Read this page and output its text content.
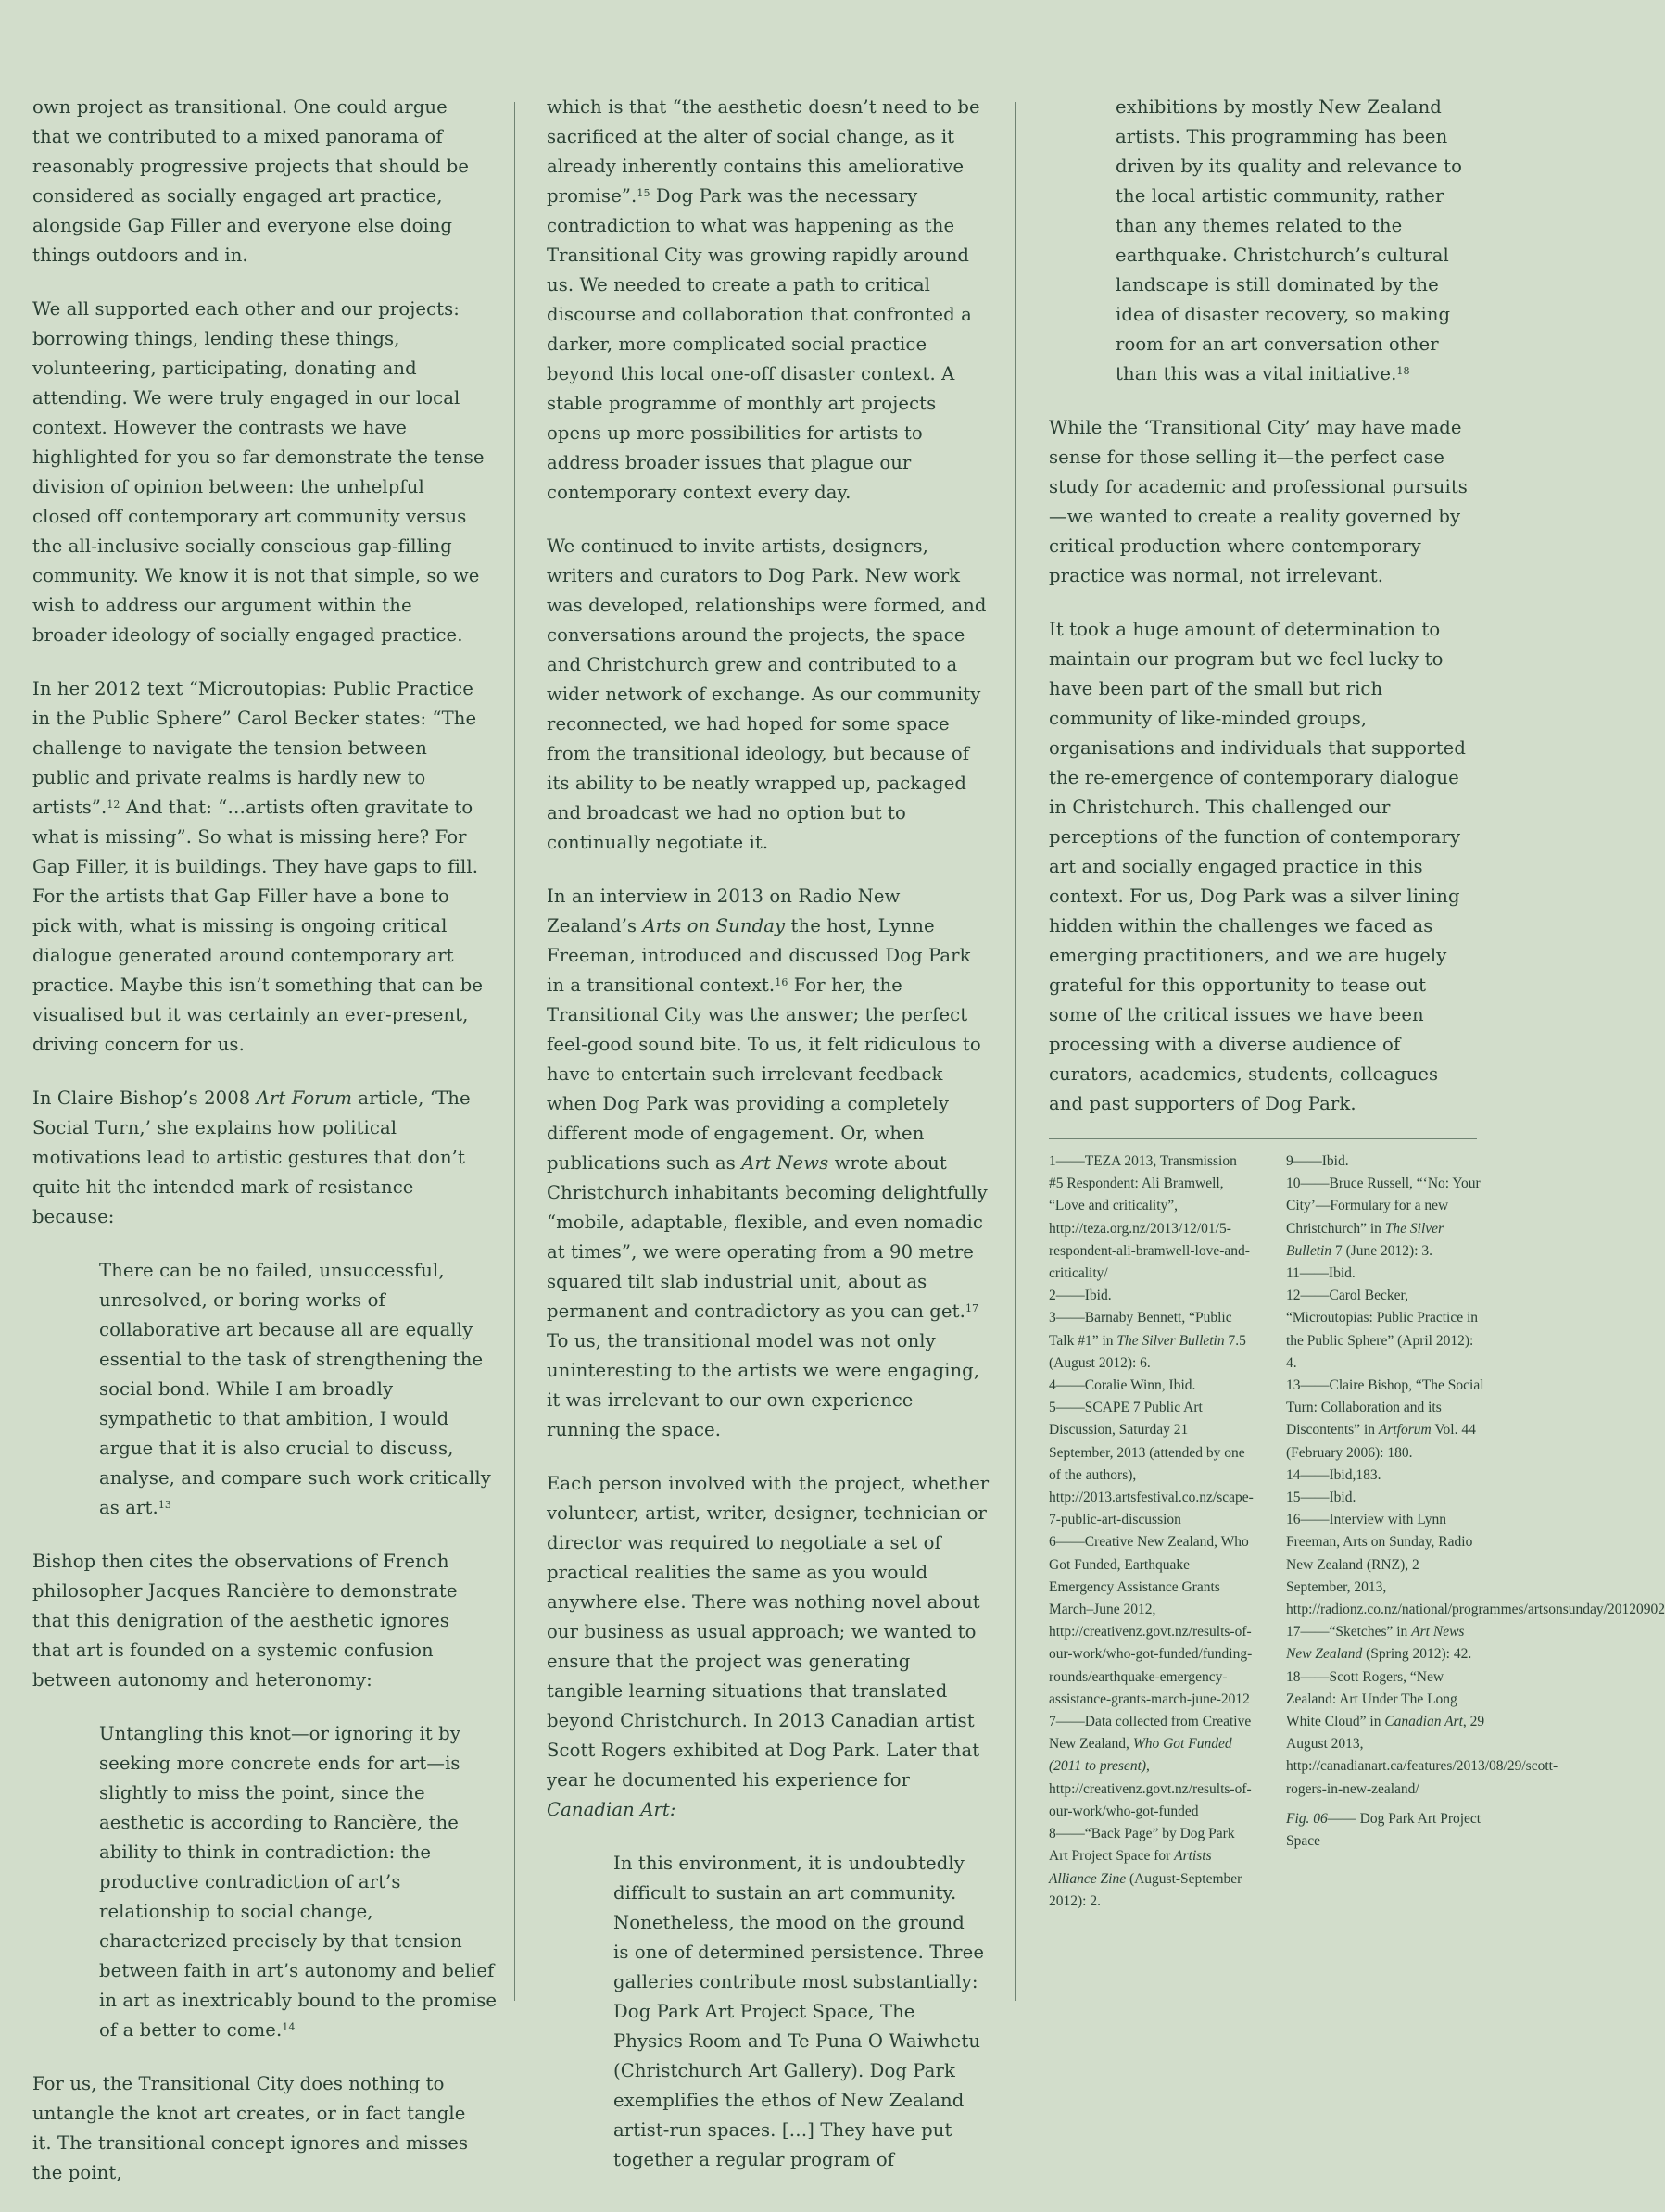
own project as transitional. One could argue that we contributed to a mixed panorama of reasonably progressive projects that should be considered as socially engaged art practice, alongside Gap Filler and everyone else doing things outdoors and in.

We all supported each other and our projects: borrowing things, lending these things, volunteering, participating, donating and attending. We were truly engaged in our local context. However the contrasts we have highlighted for you so far demonstrate the tense division of opinion between: the unhelpful closed off contemporary art community versus the all-inclusive socially conscious gap-filling community. We know it is not that simple, so we wish to address our argument within the broader ideology of socially engaged practice.

In her 2012 text “Microutopias: Public Practice in the Public Sphere” Carol Becker states: “The challenge to navigate the tension between public and private realms is hardly new to artists”.$^{12}$ And that: “…artists often gravitate to what is missing”. So what is missing here? For Gap Filler, it is buildings. They have gaps to fill. For the artists that Gap Filler have a bone to pick with, what is missing is ongoing critical dialogue generated around contemporary art practice. Maybe this isn’t something that can be visualised but it was certainly an ever-present, driving concern for us.

In Claire Bishop’s 2008 Art Forum article, ‘The Social Turn,’ she explains how political motivations lead to artistic gestures that don’t quite hit the intended mark of resistance because:

There can be no failed, unsuccessful, unresolved, or boring works of collaborative art because all are equally essential to the task of strengthening the social bond. While I am broadly sympathetic to that ambition, I would argue that it is also crucial to discuss, analyse, and compare such work critically as art.$^{13}$

Bishop then cites the observations of French philosopher Jacques Rancière to demonstrate that this denigration of the aesthetic ignores that art is founded on a systemic confusion between autonomy and heteronomy:

Untangling this knot—or ignoring it by seeking more concrete ends for art—is slightly to miss the point, since the aesthetic is according to Rancière, the ability to think in contradiction: the productive contradiction of art’s relationship to social change, characterized precisely by that tension between faith in art’s autonomy and belief in art as inextricably bound to the promise of a better to come.$^{14}$

For us, the Transitional City does nothing to untangle the knot art creates, or in fact tangle it. The transitional concept ignores and misses the point,

which is that “the aesthetic doesn’t need to be sacrificed at the alter of social change, as it already inherently contains this ameliorative promise”.$^{15}$ Dog Park was the necessary contradiction to what was happening as the Transitional City was growing rapidly around us. We needed to create a path to critical discourse and collaboration that confronted a darker, more complicated social practice beyond this local one-off disaster context. A stable programme of monthly art projects opens up more possibilities for artists to address broader issues that plague our contemporary context every day.

We continued to invite artists, designers, writers and curators to Dog Park. New work was developed, relationships were formed, and conversations around the projects, the space and Christchurch grew and contributed to a wider network of exchange. As our community reconnected, we had hoped for some space from the transitional ideology, but because of its ability to be neatly wrapped up, packaged and broadcast we had no option but to continually negotiate it.

In an interview in 2013 on Radio New Zealand’s Arts on Sunday the host, Lynne Freeman, introduced and discussed Dog Park in a transitional context.$^{16}$ For her, the Transitional City was the answer; the perfect feel-good sound bite. To us, it felt ridiculous to have to entertain such irrelevant feedback when Dog Park was providing a completely different mode of engagement. Or, when publications such as Art News wrote about Christchurch inhabitants becoming delightfully “mobile, adaptable, flexible, and even nomadic at times”, we were operating from a 90 metre squared tilt slab industrial unit, about as permanent and contradictory as you can get.$^{17}$ To us, the transitional model was not only uninteresting to the artists we were engaging, it was irrelevant to our own experience running the space.

Each person involved with the project, whether volunteer, artist, writer, designer, technician or director was required to negotiate a set of practical realities the same as you would anywhere else. There was nothing novel about our business as usual approach; we wanted to ensure that the project was generating tangible learning situations that translated beyond Christchurch. In 2013 Canadian artist Scott Rogers exhibited at Dog Park. Later that year he documented his experience for Canadian Art:

In this environment, it is undoubtedly difficult to sustain an art community. Nonetheless, the mood on the ground is one of determined persistence. Three galleries contribute most substantially: Dog Park Art Project Space, The Physics Room and Te Puna O Waiwhetu (Christchurch Art Gallery). Dog Park exemplifies the ethos of New Zealand artist-run spaces. […] They have put together a regular program of
exhibitions by mostly New Zealand artists. This programming has been driven by its quality and relevance to the local artistic community, rather than any themes related to the earthquake. Christchurch’s cultural landscape is still dominated by the idea of disaster recovery, so making room for an art conversation other than this was a vital initiative.$^{18}$

While the ‘Transitional City’ may have made sense for those selling it—the perfect case study for academic and professional pursuits—we wanted to create a reality governed by critical production where contemporary practice was normal, not irrelevant.

It took a huge amount of determination to maintain our program but we feel lucky to have been part of the small but rich community of like-minded groups, organisations and individuals that supported the re-emergence of contemporary dialogue in Christchurch. This challenged our perceptions of the function of contemporary art and socially engaged practice in this context. For us, Dog Park was a silver lining hidden within the challenges we faced as emerging practitioners, and we are hugely grateful for this opportunity to tease out some of the critical issues we have been processing with a diverse audience of curators, academics, students, colleagues and past supporters of Dog Park.

1——TEZA 2013, Transmission #5 Respondent: Ali Bramwell, “Love and criticality”, http://teza.org.nz/2013/12/01/5-respondent-ali-bramwell-love-and-criticality/

2——Ibid.

3——Barnaby Bennett, “Public Talk #1” in The Silver Bulletin 7.5 (August 2012): 6.

4——Coralie Winn, Ibid.

5——SCAPE 7 Public Art Discussion, Saturday 21 September, 2013 (attended by one of the authors), http://2013.artsfestival.co.nz/scape-7-public-art-discussion

6——Creative New Zealand, Who Got Funded, Earthquake Emergency Assistance Grants March–June 2012, http://creativenz.govt.nz/results-of-our-work/who-got-funded/funding-rounds/earthquake-emergency-assistance-grants-march-june-2012

7——Data collected from Creative New Zealand, Who Got Funded (2011 to present), http://creativenz.govt.nz/results-of-our-work/who-got-funded

8——“Back Page” by Dog Park Art Project Space for Artists Alliance Zine (August-September 2012): 2.

9——Ibid.

10——Bruce Russell, “‘No: Your City’—Formulary for a new Christchurch” in The Silver Bulletin 7 (June 2012): 3.

11——Ibid.

12——Carol Becker, “Microutopias: Public Practice in the Public Sphere” (April 2012): 4.

13——Claire Bishop, “The Social Turn: Collaboration and its Discontents” in Artforum Vol. 44 (February 2006): 180.

14——Ibid,183.

15——Ibid.

16——Interview with Lynn Freeman, Arts on Sunday, Radio New Zealand (RNZ), 2 September, 2013, http://radionz.co.nz/national/programmes/artsonsunday/20120902

17——“Sketches” in Art News New Zealand (Spring 2012): 42.

18——Scott Rogers, “New Zealand: Art Under The Long White Cloud” in Canadian Art, 29 August 2013, http://canadianart.ca/features/2013/08/29/scott-rogers-in-new-zealand/

Fig. 06—— Dog Park Art Project Space
